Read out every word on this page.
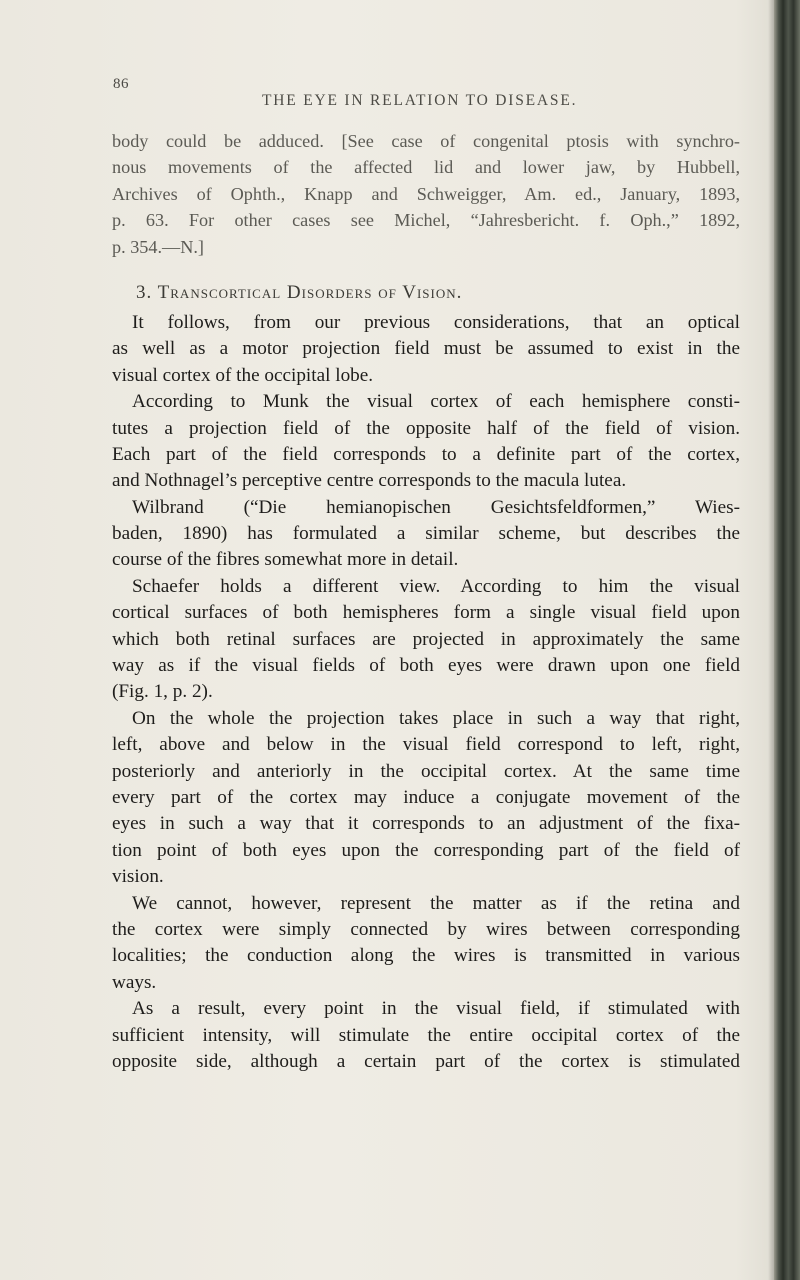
86
THE EYE IN RELATION TO DISEASE.
body could be adduced. [See case of congenital ptosis with synchro-
nous movements of the affected lid and lower jaw, by Hubbell,
Archives of Ophth., Knapp and Schweigger, Am. ed., January, 1893,
p. 63. For other cases see Michel, “Jahresbericht. f. Oph.,” 1892,
p. 354.—N.]
3. Transcortical Disorders of Vision.
It follows, from our previous considerations, that an optical
as well as a motor projection field must be assumed to exist in the
visual cortex of the occipital lobe.
According to Munk the visual cortex of each hemisphere consti-
tutes a projection field of the opposite half of the field of vision.
Each part of the field corresponds to a definite part of the cortex,
and Nothnagel’s perceptive centre corresponds to the macula lutea.
Wilbrand (“Die hemianopischen Gesichtsfeldformen,” Wies-
baden, 1890) has formulated a similar scheme, but describes the
course of the fibres somewhat more in detail.
Schaefer holds a different view. According to him the visual
cortical surfaces of both hemispheres form a single visual field upon
which both retinal surfaces are projected in approximately the same
way as if the visual fields of both eyes were drawn upon one field
(Fig. 1, p. 2).
On the whole the projection takes place in such a way that right,
left, above and below in the visual field correspond to left, right,
posteriorly and anteriorly in the occipital cortex. At the same time
every part of the cortex may induce a conjugate movement of the
eyes in such a way that it corresponds to an adjustment of the fixa-
tion point of both eyes upon the corresponding part of the field of
vision.
We cannot, however, represent the matter as if the retina and
the cortex were simply connected by wires between corresponding
localities; the conduction along the wires is transmitted in various
ways.
As a result, every point in the visual field, if stimulated with
sufficient intensity, will stimulate the entire occipital cortex of the
opposite side, although a certain part of the cortex is stimulated
